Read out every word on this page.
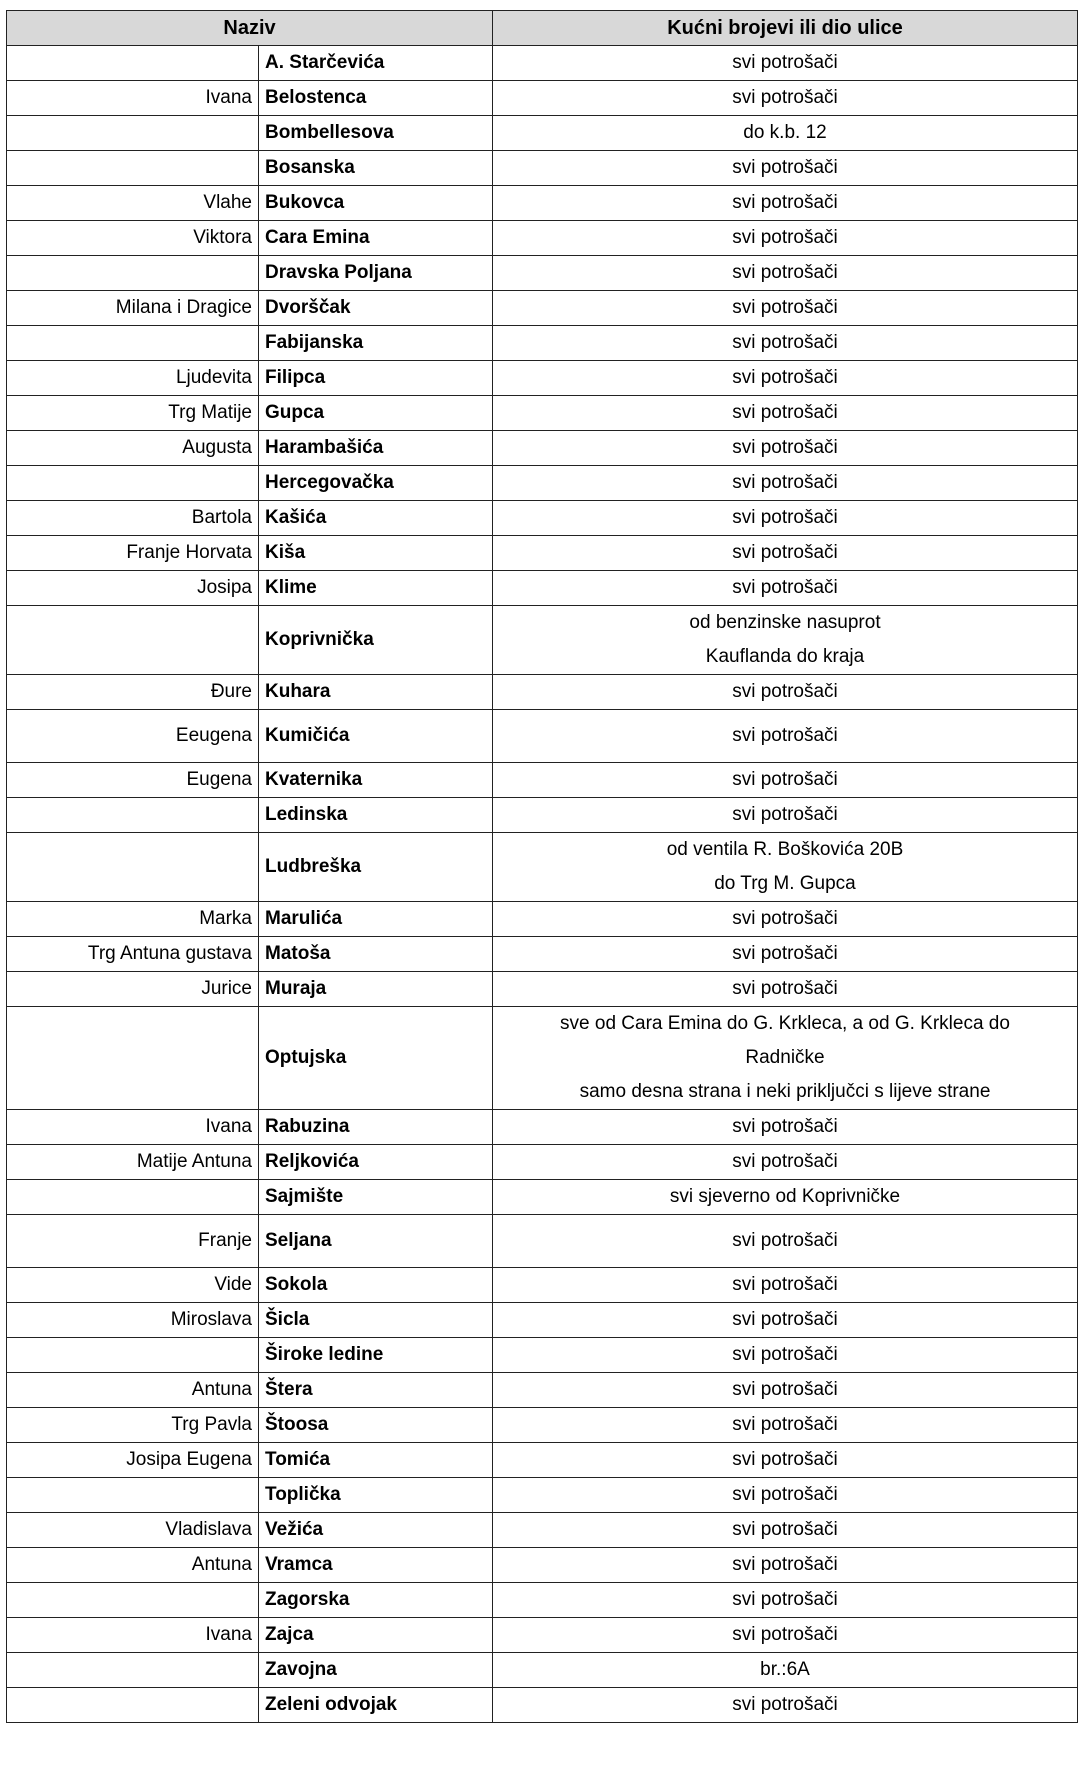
Naziv		Kućni brojevi ili dio ulice
	A. Starčevića	svi potrošači

Ivana	Belostenca	svi potrošači

	Bombellesova	do k.b. 12

	Bosanska	svi potrošači

Vlahe	Bukovca	svi potrošači

Viktora	Cara Emina	svi potrošači

	Dravska Poljana	svi potrošači

Milana i Dragice	Dvorščak	svi potrošači

	Fabijanska	svi potrošači

Ljudevita	Filipca	svi potrošači

Trg Matije	Gupca	svi potrošači

Augusta	Harambašića	svi potrošači

	Hercegovačka	svi potrošači

Bartola	Kašića	svi potrošači

Franje Horvata	Kiša	svi potrošači

Josipa	Klime	svi potrošači

	Koprivnička	od benzinske nasuprot
Kauflanda do kraja

Đure	Kuhara	svi potrošači

Eeugena	Kumičića	svi potrošači

Eugena	Kvaternika	svi potrošači

	Ledinska	svi potrošači

	Ludbreška	od ventila R. Boškovića 20B
do Trg M. Gupca

Marka	Marulića	svi potrošači

Trg Antuna gustava	Matoša	svi potrošači

Jurice	Muraja	svi potrošači

	Optujska	sve od Cara Emina do G. Krkleca, a od G. Krkleca do
Radničke
samo desna strana i neki priključci s lijeve strane

Ivana	Rabuzina	svi potrošači

Matije Antuna	Reljkovića	svi potrošači

	Sajmište	svi sjeverno od Koprivničke

Franje	Seljana	svi potrošači

Vide	Sokola	svi potrošači

Miroslava	Šicla	svi potrošači

	Široke ledine	svi potrošači

Antuna	Štera	svi potrošači

Trg Pavla	Štoosa	svi potrošači

Josipa Eugena	Tomića	svi potrošači

	Toplička	svi potrošači

Vladislava	Vežića	svi potrošači

Antuna	Vramca	svi potrošači

	Zagorska	svi potrošači

Ivana	Zajca	svi potrošači

	Zavojna	br.:6A

	Zeleni odvojak	svi potrošači
